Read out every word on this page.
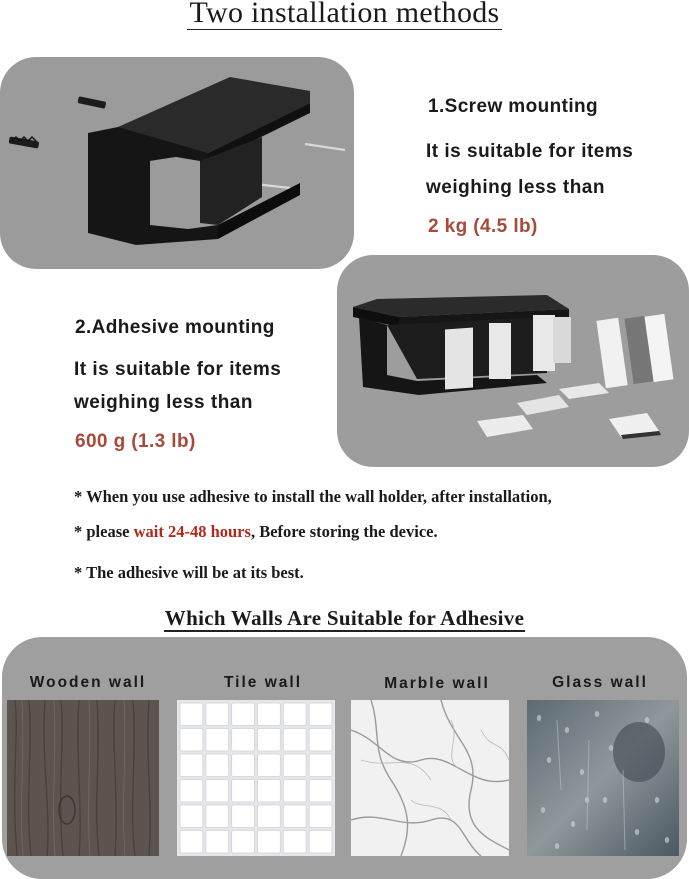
Two installation methods
1.Screw mounting
It is suitable for items
weighing less than
2 kg (4.5 lb)
2.Adhesive mounting
It is suitable for items
weighing less than
600 g (1.3 lb)
* When you use adhesive to install the wall holder, after installation,
* please wait 24-48 hours, Before storing the device.
* The adhesive will be at its best.
Which Walls Are Suitable for Adhesive
Wooden wall	Tile wall	Marble wall	Glass wall
